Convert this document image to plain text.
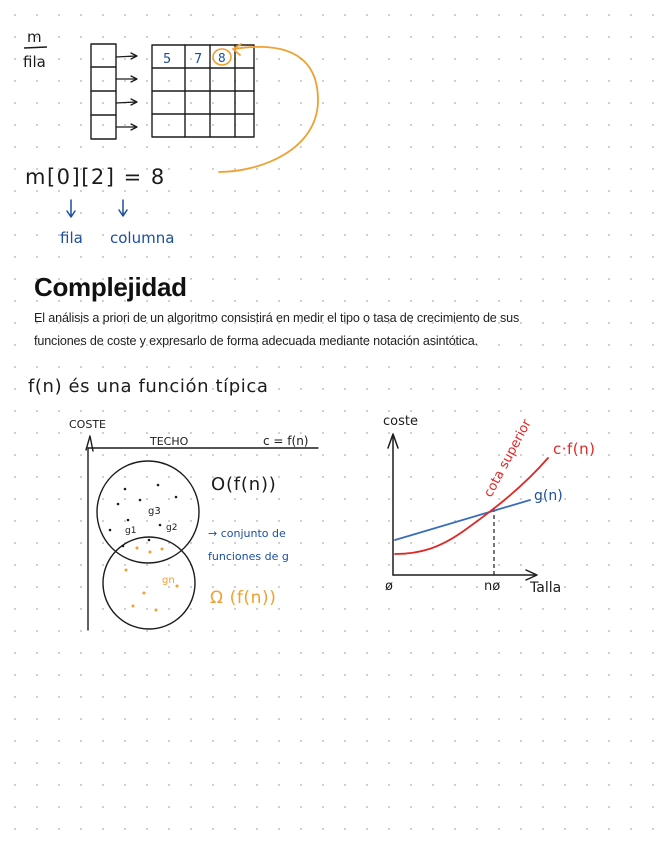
m
fila	5 7 8
m[0][2] = 8
fila columna
f(n) és una función típica
COSTE
TECHO	c = f(n)
g3
g1	g2
gn
O(f(n))
→ conjunto de
funciones de g
Ω (f(n))
coste
Talla
ø	nø
g(n)
c·f(n)
cota superior
Complejidad

El análisis a priori de un algoritmo consistirá en medir el tipo o tasa de crecimiento de sus
funciones de coste y expresarlo de forma adecuada mediante notación asintótica.
